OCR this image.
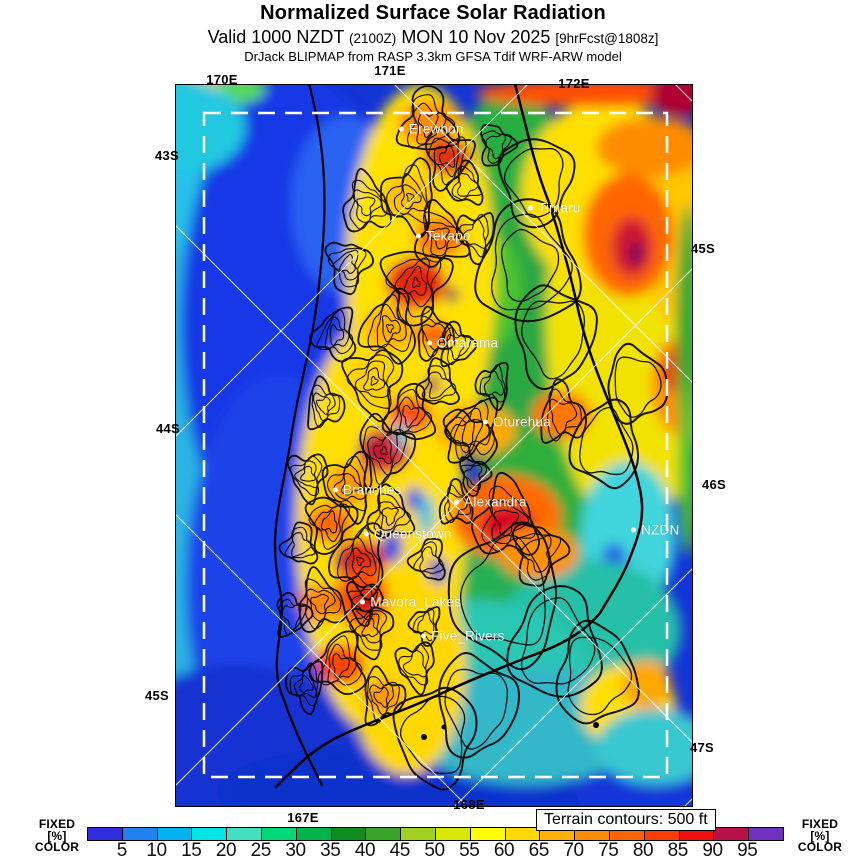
Normalized Surface Solar Radiation
Valid 1000 NZDT (2100Z) MON 10 Nov 2025 [9hrFcst@1808z]
DrJack BLIPMAP from RASP 3.3km GFSA Tdif WRF-ARW model
Erewhon
Timaru
Tekapo
Omarama
Oturehua
Branches
Alexandra
Queenstown
Mavora_Lakes
Five_Rivers
NZDN
170E
171E
172E
43S
44S
45S
45S
46S
47S
167E
168E
Terrain contours: 500 ft
5 10 15 20 25 30 35 40 45 50 55 60 65 70 75 80 85 90 95
FIXED
[%]
COLOR
FIXED
[%]
COLOR
